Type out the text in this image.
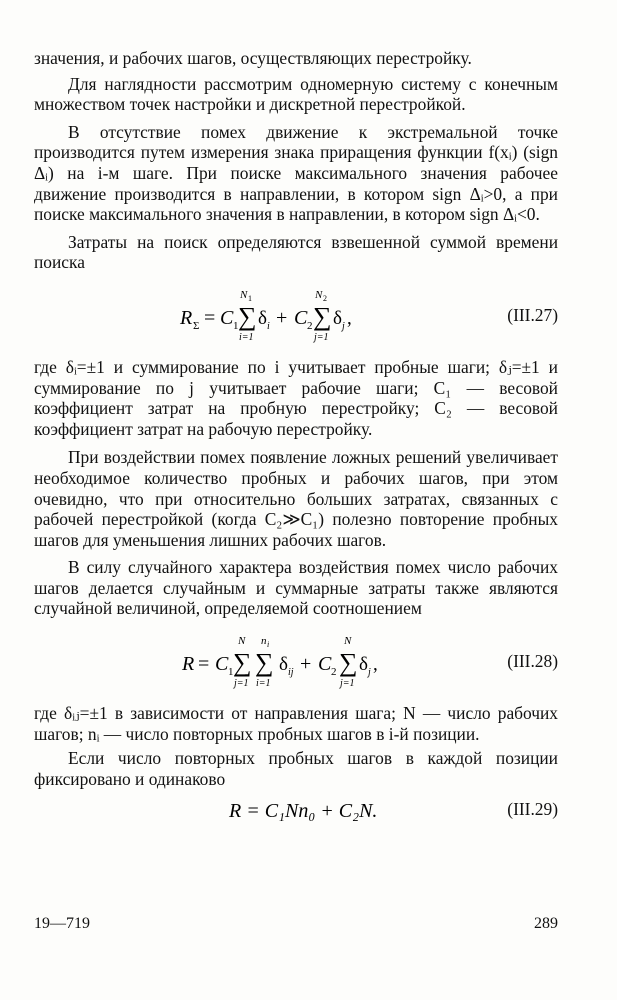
значения, и рабочих шагов, осуществляющих перестройку.

Для наглядности рассмотрим одномерную систему с конечным множеством точек настройки и дискретной перестройкой.

В отсутствие помех движение к экстремальной точке производится путем измерения знака приращения функции f(xᵢ) (sign Δᵢ) на i-м шаге. При поиске максимального значения рабочее движение производится в направлении, в котором sign Δᵢ>0, а при поиске максимального значения в направлении, в котором sign Δᵢ<0.

Затраты на поиск определяются взвешенной суммой времени поиска

R Σ = C 1
N 1
∑
i=1
δ i + C 2
N 2
∑
j=1
δ j ,	(III.27)

где δᵢ=±1 и суммирование по i учитывает пробные шаги; δⱼ=±1 и суммирование по j учитывает рабочие шаги; C₁ — весовой коэффициент затрат на пробную перестройку; C₂ — весовой коэффициент затрат на рабочую перестройку.

При воздействии помех появление ложных решений увеличивает необходимое количество пробных и рабочих шагов, при этом очевидно, что при относительно больших затратах, связанных с рабочей перестройкой (когда C₂≫C₁) полезно повторение пробных шагов для уменьшения лишних рабочих шагов.

В силу случайного характера воздействия помех число рабочих шагов делается случайным и суммарные затраты также являются случайной величиной, определяемой соотношением

R = C 1
N
∑
j=1
n i
∑
i=1
δ ij + C 2
N
∑
j=1
δ j ,	(III.28)

где δᵢⱼ=±1 в зависимости от направления шага; N — число рабочих шагов; nᵢ — число повторных пробных шагов в i-й позиции.

Если число повторных пробных шагов в каждой позиции фиксировано и одинаково

R = C₁Nn₀ + C₂N.	(III.29)
19—719	289
